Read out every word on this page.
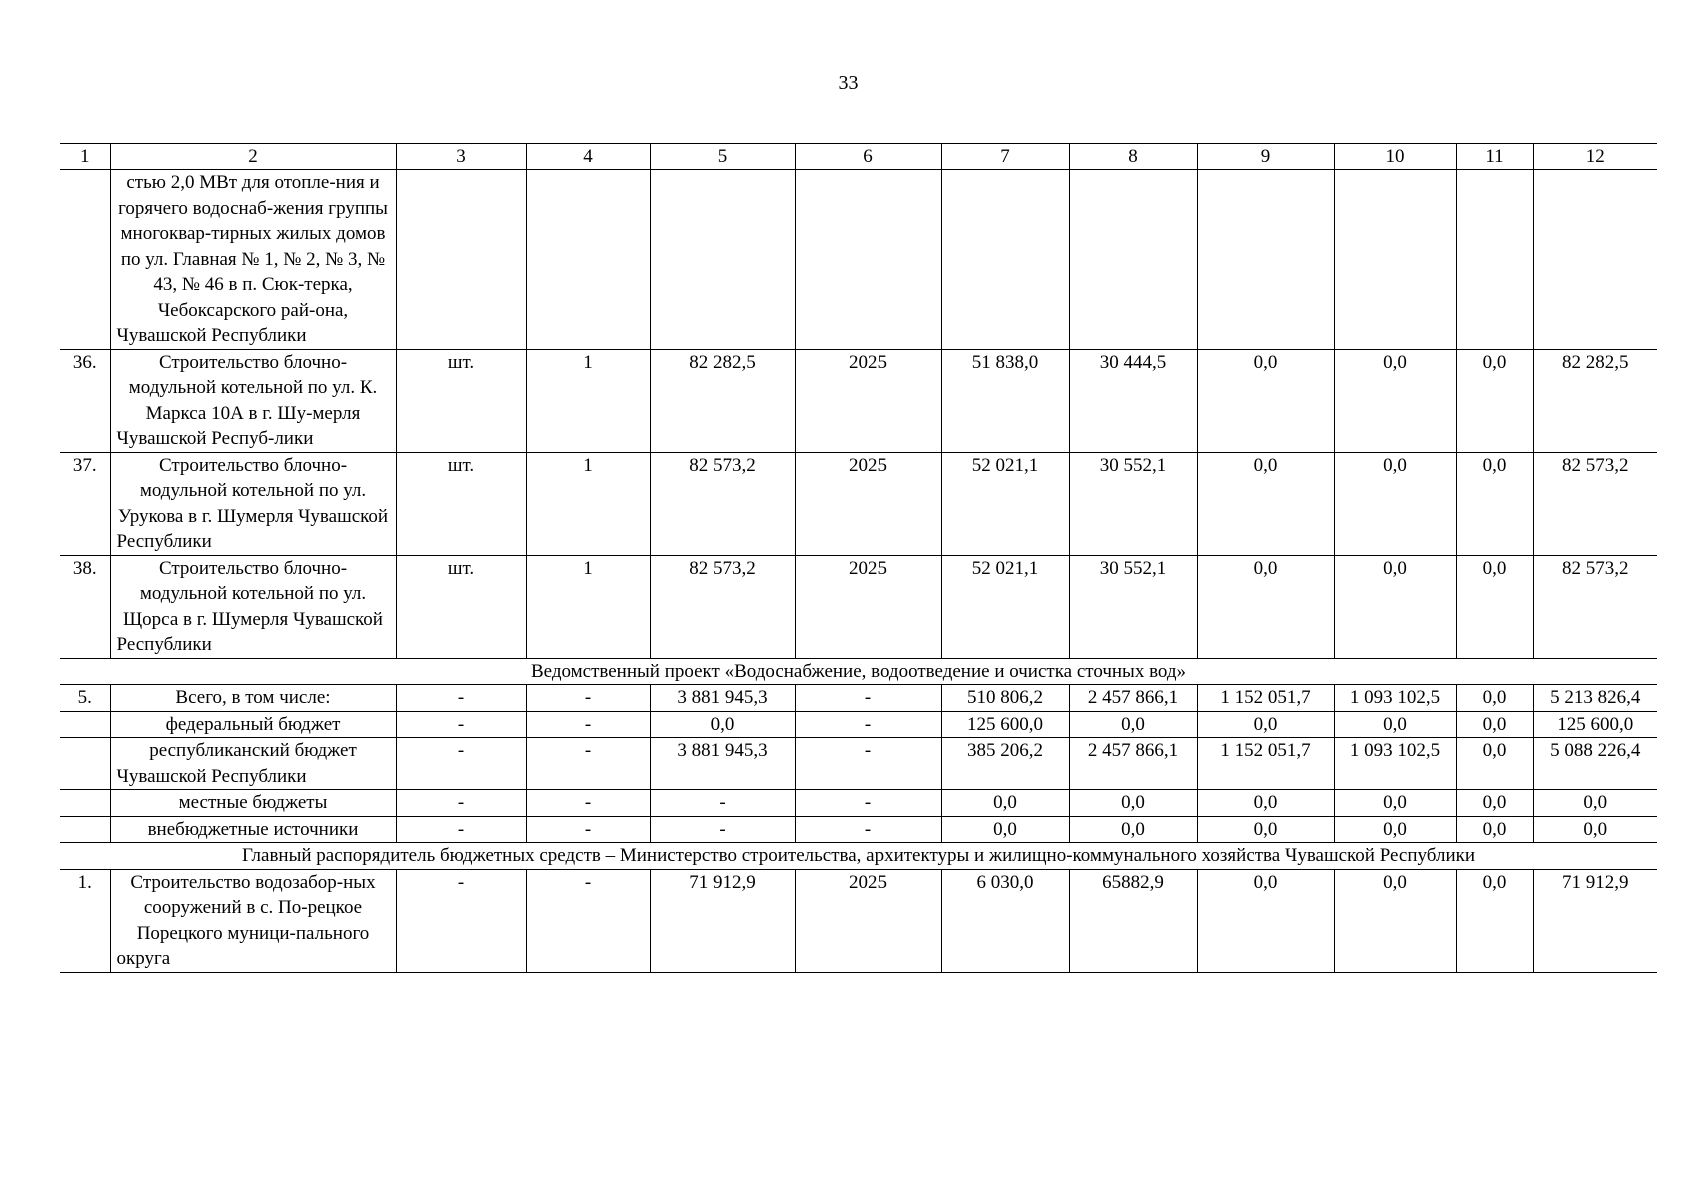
33
1	2	3	4	5	6	7	8	9	10	11	12
	стью 2,0 МВт для отопле-ния и горячего водоснаб-жения группы многоквар-тирных жилых домов по ул. Главная № 1, № 2, № 3, № 43, № 46 в п. Сюк-терка, Чебоксарского рай-она, Чувашской Республики										
36.	Строительство блочно-модульной котельной по ул. К. Маркса 10А в г. Шу-мерля Чувашской Респуб-лики	шт.	1	82 282,5	2025	51 838,0	30 444,5	0,0	0,0	0,0	82 282,5
37.	Строительство блочно-модульной котельной по ул. Урукова в г. Шумерля Чувашской Республики	шт.	1	82 573,2	2025	52 021,1	30 552,1	0,0	0,0	0,0	82 573,2
38.	Строительство блочно-модульной котельной по ул. Щорса в г. Шумерля Чувашской Республики	шт.	1	82 573,2	2025	52 021,1	30 552,1	0,0	0,0	0,0	82 573,2
Ведомственный проект «Водоснабжение, водоотведение и очистка сточных вод»											
5.	Всего, в том числе:	-	-	3 881 945,3	-	510 806,2	2 457 866,1	1 152 051,7	1 093 102,5	0,0	5 213 826,4
	федеральный бюджет	-	-	0,0	-	125 600,0	0,0	0,0	0,0	0,0	125 600,0
	республиканский бюджет Чувашской Республики	-	-	3 881 945,3	-	385 206,2	2 457 866,1	1 152 051,7	1 093 102,5	0,0	5 088 226,4
	местные бюджеты	-	-	-	-	0,0	0,0	0,0	0,0	0,0	0,0
	внебюджетные источники	-	-	-	-	0,0	0,0	0,0	0,0	0,0	0,0
Главный распорядитель бюджетных средств – Министерство строительства, архитектуры и жилищно-коммунального хозяйства Чувашской Республики											
1.	Строительство водозабор-ных сооружений в с. По-рецкое Порецкого муници-пального округа	-	-	71 912,9	2025	6 030,0	65882,9	0,0	0,0	0,0	71 912,9
